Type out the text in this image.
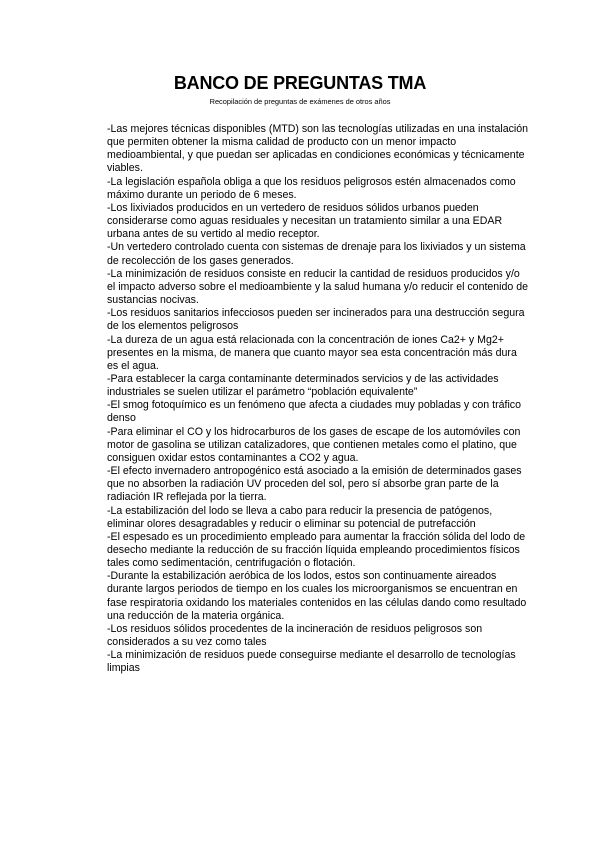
BANCO DE PREGUNTAS TMA

Recopilación de preguntas de exámenes de otros años

-Las mejores técnicas disponibles (MTD) son las tecnologías utilizadas en una instalación que permiten obtener la misma calidad de producto con un menor impacto medioambiental, y que puedan ser aplicadas en condiciones económicas y técnicamente viables.
-La legislación española obliga a que los residuos peligrosos estén almacenados como máximo durante un periodo de 6 meses.
-Los lixiviados producidos en un vertedero de residuos sólidos urbanos pueden considerarse como aguas residuales y necesitan un tratamiento similar a una EDAR urbana antes de su vertido al medio receptor.
-Un vertedero controlado cuenta con sistemas de drenaje para los lixiviados y un sistema de recolección de los gases generados.
-La minimización de residuos consiste en reducir la cantidad de residuos producidos y/o el impacto adverso sobre el medioambiente y la salud humana y/o reducir el contenido de sustancias nocivas.
-Los residuos sanitarios infecciosos pueden ser incinerados para una destrucción segura de los elementos peligrosos
-La dureza de un agua está relacionada con la concentración de iones Ca2+ y Mg2+ presentes en la misma, de manera que cuanto mayor sea esta concentración más dura es el agua.
-Para establecer la carga contaminante determinados servicios y de las actividades industriales se suelen utilizar el parámetro “población equivalente”
-El smog fotoquímico es un fenómeno que afecta a ciudades muy pobladas y con tráfico denso
-Para eliminar el CO y los hidrocarburos de los gases de escape de los automóviles con motor de gasolina se utilizan catalizadores, que contienen metales como el platino, que consiguen oxidar estos contaminantes a CO2 y agua.
-El efecto invernadero antropogénico está asociado a la emisión de determinados gases que no absorben la radiación UV proceden del sol, pero sí absorbe gran parte de la radiación IR reflejada por la tierra.
-La estabilización del lodo se lleva a cabo para reducir la presencia de patógenos, eliminar olores desagradables y reducir o eliminar su potencial de putrefacción
-El espesado es un procedimiento empleado para aumentar la fracción sólida del lodo de desecho mediante la reducción de su fracción líquida empleando procedimientos físicos tales como sedimentación, centrifugación o flotación.
-Durante la estabilización aeróbica de los lodos, estos son continuamente aireados durante largos periodos de tiempo en los cuales los microorganismos se encuentran en fase respiratoria oxidando los materiales contenidos en las células dando como resultado una reducción de la materia orgánica.
-Los residuos sólidos procedentes de la incineración de residuos peligrosos son considerados a su vez como tales
-La minimización de residuos puede conseguirse mediante el desarrollo de tecnologías limpias
